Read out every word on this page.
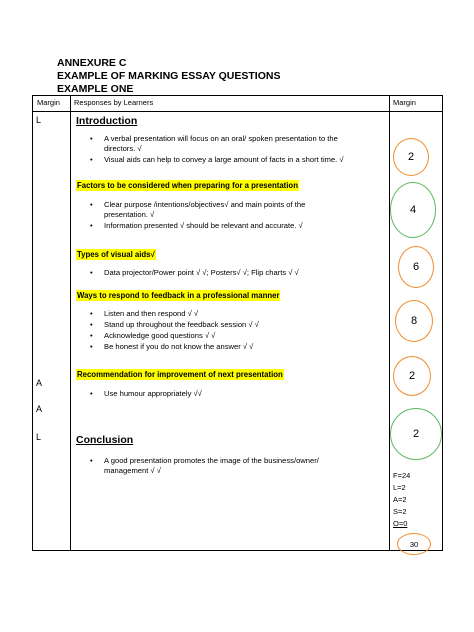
ANNEXURE C
EXAMPLE OF MARKING ESSAY QUESTIONS
EXAMPLE ONE
Margin Responses by Learners	Margin
L
A
A
L
Introduction
• A verbal presentation will focus on an oral/ spoken presentation to the
directors. √
• Visual aids can help to convey a large amount of facts in a short time. √
Factors to be considered when preparing for a presentation
• Clear purpose /intentions/objectives√ and main points of the
presentation. √
• Information presented √ should be relevant and accurate. √
Types of visual aids√
• Data projector/Power point √ √; Posters√ √; Flip charts √ √
Ways to respond to feedback in a professional manner
• Listen and then respond √ √
• Stand up throughout the feedback session √ √
• Acknowledge good questions √ √
• Be honest if you do not know the answer √ √
Recommendation for improvement of next presentation
• Use humour appropriately √√
Conclusion
• A good presentation promotes the image of the business/owner/
management √ √
2
4
6
8
2
2
F=24
L=2
A=2
S=2
O=0
30
